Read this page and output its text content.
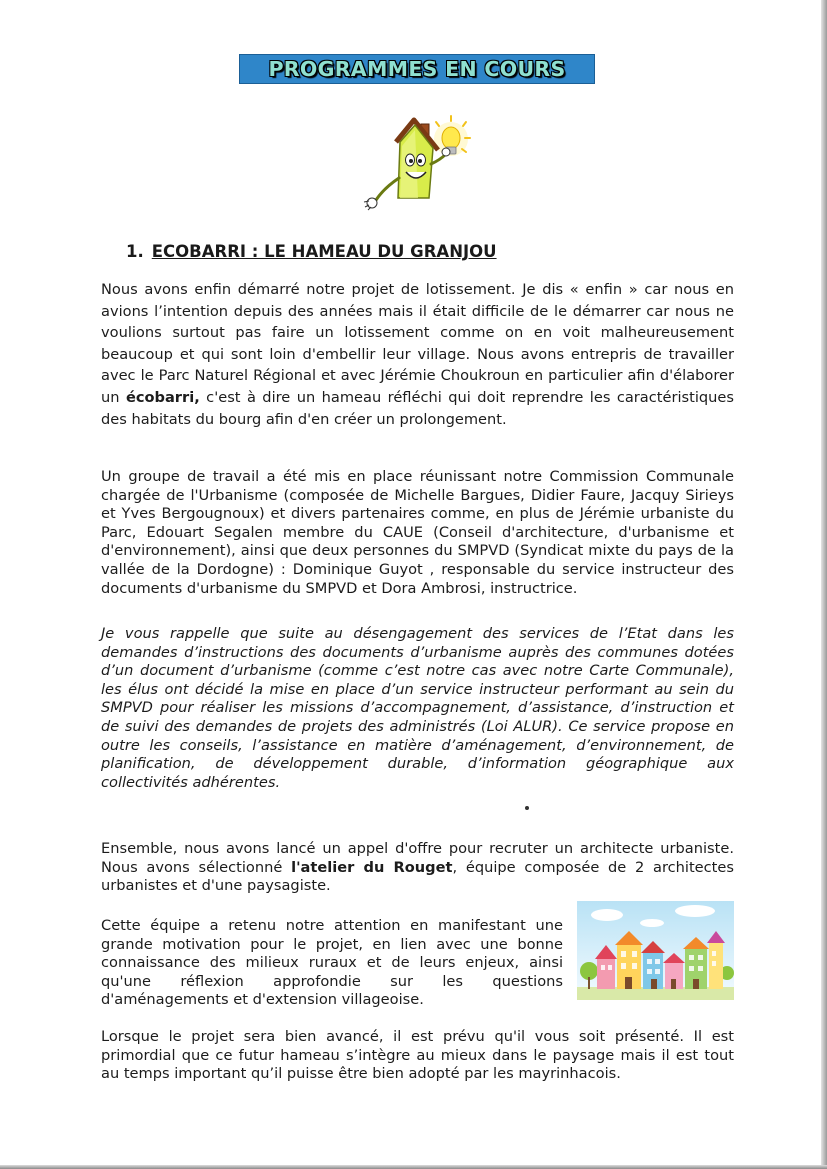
PROGRAMMES EN COURS
1. ECOBARRI : LE HAMEAU DU GRANJOU

Nous avons enfin démarré notre projet de lotissement. Je dis « enfin » car nous en avions l’intention depuis des années mais il était difficile de le démarrer car nous ne voulions surtout pas faire un lotissement comme on en voit malheureusement beaucoup et qui sont loin d'embellir leur village. Nous avons entrepris de travailler avec le Parc Naturel Régional et avec Jérémie Choukroun en particulier afin d'élaborer un écobarri, c'est à dire un hameau réfléchi qui doit reprendre les caractéristiques des habitats du bourg afin d'en créer un prolongement.

Un groupe de travail a été mis en place réunissant notre Commission Communale chargée de l'Urbanisme (composée de Michelle Bargues, Didier Faure, Jacquy Sirieys et Yves Bergougnoux) et divers partenaires comme, en plus de Jérémie urbaniste du Parc, Edouart Segalen membre du CAUE (Conseil d'architecture, d'urbanisme et d'environnement), ainsi que deux personnes du SMPVD (Syndicat mixte du pays de la vallée de la Dordogne) : Dominique Guyot , responsable du service instructeur des documents d'urbanisme du SMPVD et Dora Ambrosi, instructrice.

Je vous rappelle que suite au désengagement des services de l’Etat dans les demandes d’instructions des documents d’urbanisme auprès des communes dotées d’un document d’urbanisme (comme c’est notre cas avec notre Carte Communale), les élus ont décidé la mise en place d’un service instructeur performant au sein du SMPVD pour réaliser les missions d’accompagnement, d’assistance, d’instruction et de suivi des demandes de projets des administrés (Loi ALUR). Ce service propose en outre les conseils, l’assistance en matière d’aménagement, d’environnement, de planification, de développement durable, d’information géographique aux collectivités adhérentes.

Ensemble, nous avons lancé un appel d'offre pour recruter un architecte urbaniste. Nous avons sélectionné l'atelier du Rouget, équipe composée de 2 architectes urbanistes et d'une paysagiste.

Cette équipe a retenu notre attention en manifestant une grande motivation pour le projet, en lien avec une bonne connaissance des milieux ruraux et de leurs enjeux, ainsi qu'une réflexion approfondie sur les questions d'aménagements et d'extension villageoise.

Lorsque le projet sera bien avancé, il est prévu qu'il vous soit présenté. Il est primordial que ce futur hameau s’intègre au mieux dans le paysage mais il est tout au temps important qu’il puisse être bien adopté par les mayrinhacois.
